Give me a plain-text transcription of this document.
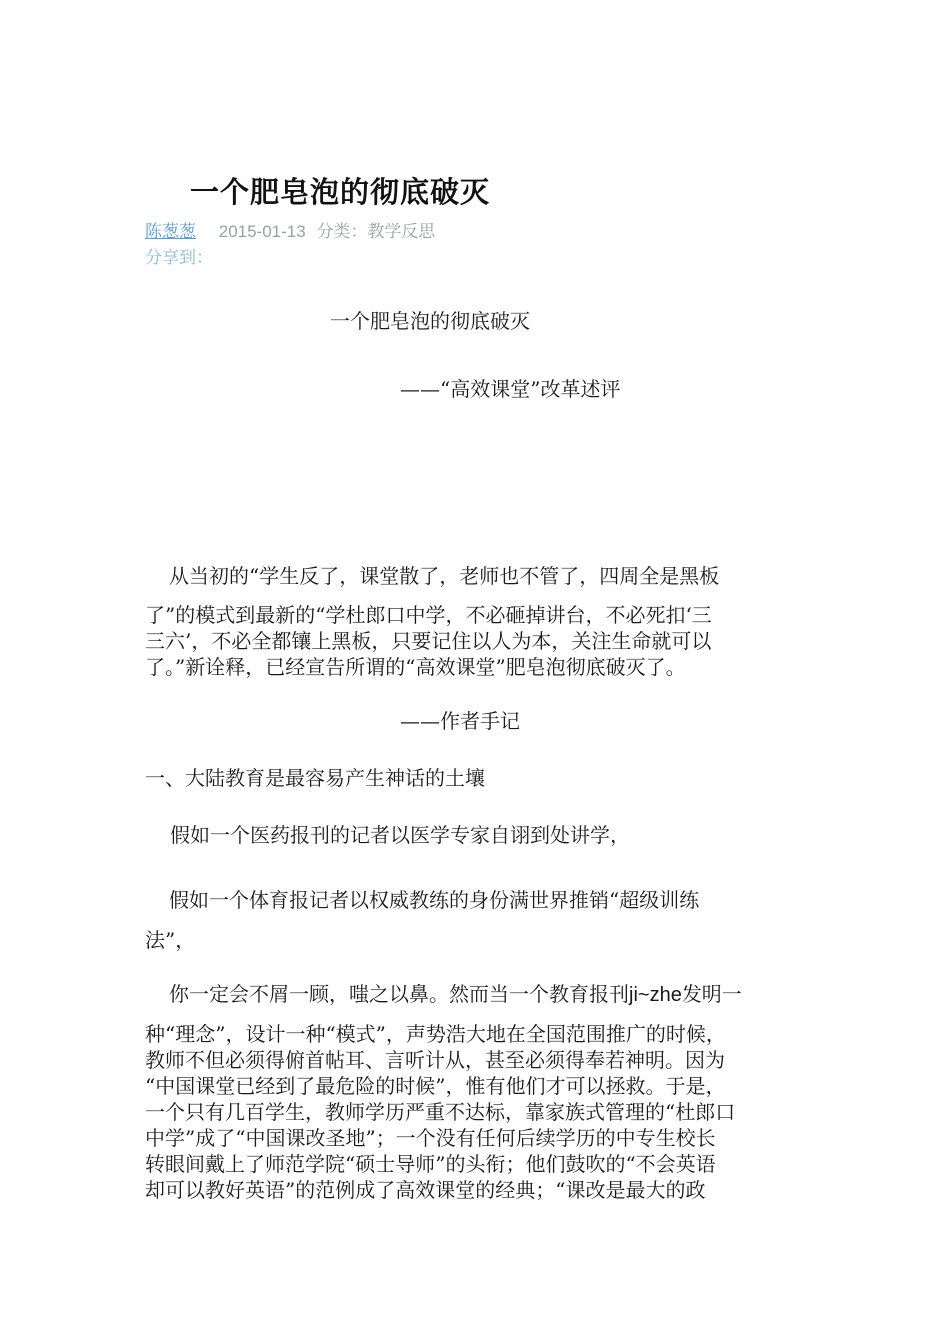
一个肥皂泡的彻底破灭
陈葱葱 2015-01-13 分类：教学反思
分享到：
一个肥皂泡的彻底破灭
——“高效课堂”改革述评
从当初的“学生反了，课堂散了，老师也不管了，四周全是黑板
了”的模式到最新的“学杜郎口中学，不必砸掉讲台，不必死扣‘三
三六’，不必全都镶上黑板，只要记住以人为本，关注生命就可以
了。”新诠释，已经宣告所谓的“高效课堂”肥皂泡彻底破灭了。
——作者手记
一、大陆教育是最容易产生神话的土壤
假如一个医药报刊的记者以医学专家自诩到处讲学，
假如一个体育报记者以权威教练的身份满世界推销“超级训练
法”，
你一定会不屑一顾，嗤之以鼻。然而当一个教育报刊ji~zhe发明一
种“理念”，设计一种“模式”，声势浩大地在全国范围推广的时候，
教师不但必须得俯首帖耳、言听计从，甚至必须得奉若神明。因为
“中国课堂已经到了最危险的时候”，惟有他们才可以拯救。于是，
一个只有几百学生，教师学历严重不达标，靠家族式管理的“杜郎口
中学”成了“中国课改圣地”；一个没有任何后续学历的中专生校长
转眼间戴上了师范学院“硕士导师”的头衔；他们鼓吹的“不会英语
却可以教好英语”的范例成了高效课堂的经典；“课改是最大的政
